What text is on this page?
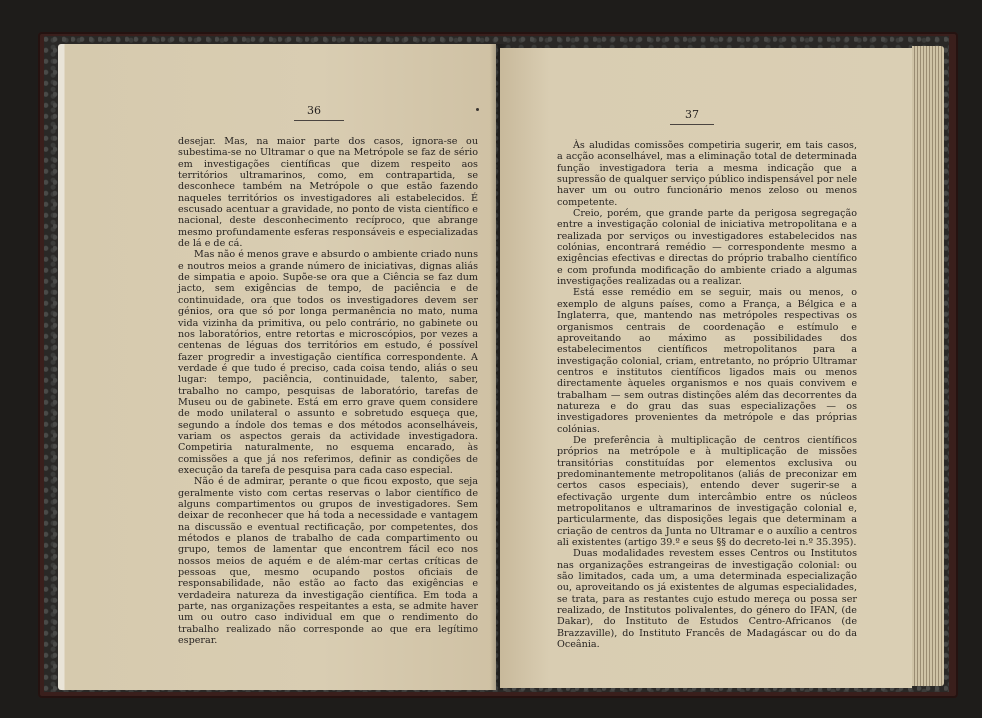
36

desejar. Mas, na maior parte dos casos, ignora-se ou subestima-se no Ultramar o que na Metrópole se faz de sério em investigações científicas que dizem respeito aos territórios ultramarinos, como, em contrapartida, se desconhece também na Metrópole o que estão fazendo naqueles territórios os investigadores ali estabelecidos. É escusado acentuar a gravidade, no ponto de vista científico e nacional, deste desconhecimento recíproco, que abrange mesmo profundamente esferas responsáveis e especializadas de lá e de cá.

Mas não é menos grave e absurdo o ambiente criado nuns e noutros meios a grande número de iniciativas, dignas aliás de simpatia e apoio. Supõe-se ora que a Ciência se faz dum jacto, sem exigências de tempo, de paciência e de continuidade, ora que todos os investigadores devem ser génios, ora que só por longa permanência no mato, numa vida vizinha da primitiva, ou pelo contrário, no gabinete ou nos laboratórios, entre retortas e microscópios, por vezes a centenas de léguas dos territórios em estudo, é possível fazer progredir a investigação científica correspondente. A verdade é que tudo é preciso, cada coisa tendo, aliás o seu lugar: tempo, paciência, continuidade, talento, saber, trabalho no campo, pesquisas de laboratório, tarefas de Museu ou de gabinete. Está em erro grave quem considere de modo unilateral o assunto e sobretudo esqueça que, segundo a índole dos temas e dos métodos aconselháveis, variam os aspectos gerais da actividade investigadora. Competiria naturalmente, no esquema encarado, às comissões a que já nos referimos, definir as condições de execução da tarefa de pesquisa para cada caso especial.

Não é de admirar, perante o que ficou exposto, que seja geralmente visto com certas reservas o labor científico de alguns compartimentos ou grupos de investigadores. Sem deixar de reconhecer que há toda a necessidade e vantagem na discussão e eventual rectificação, por competentes, dos métodos e planos de trabalho de cada compartimento ou grupo, temos de lamentar que encontrem fácil eco nos nossos meios de aquém e de além-mar certas críticas de pessoas que, mesmo ocupando postos oficiais de responsabilidade, não estão ao facto das exigências e verdadeira natureza da investigação científica. Em toda a parte, nas organizações respeitantes a esta, se admite haver um ou outro caso individual em que o rendimento do trabalho realizado não corresponde ao que era legítimo esperar.

37

Às aludidas comissões competiria sugerir, em tais casos, a acção aconselhável, mas a eliminação total de determinada função investigadora teria a mesma indicação que a supressão de qualquer serviço público indispensável por nele haver um ou outro funcionário menos zeloso ou menos competente.

Creio, porém, que grande parte da perigosa segregação entre a investigação colonial de iniciativa metropolitana e a realizada por serviços ou investigadores estabelecidos nas colónias, encontrará remédio — correspondente mesmo a exigências efectivas e directas do próprio trabalho científico e com profunda modificação do ambiente criado a algumas investigações realizadas ou a realizar.

Está esse remédio em se seguir, mais ou menos, o exemplo de alguns países, como a França, a Bélgica e a Inglaterra, que, mantendo nas metrópoles respectivas os organismos centrais de coordenação e estímulo e aproveitando ao máximo as possibilidades dos estabelecimentos científicos metropolitanos para a investigação colonial, criam, entretanto, no próprio Ultramar centros e institutos científicos ligados mais ou menos directamente àqueles organismos e nos quais convivem e trabalham — sem outras distinções além das decorrentes da natureza e do grau das suas especializações — os investigadores provenientes da metrópole e das próprias colónias.

De preferência à multiplicação de centros científicos próprios na metrópole e à multiplicação de missões transitórias constituídas por elementos exclusiva ou predominantemente metropolitanos (aliás de preconizar em certos casos especiais), entendo dever sugerir-se a efectivação urgente dum intercâmbio entre os núcleos metropolitanos e ultramarinos de investigação colonial e, particularmente, das disposições legais que determinam a criação de centros da Junta no Ultramar e o auxílio a centros ali existentes (artigo 39.º e seus §§ do decreto-lei n.º 35.395).

Duas modalidades revestem esses Centros ou Institutos nas organizações estrangeiras de investigação colonial: ou são limitados, cada um, a uma determinada especialização ou, aproveitando os já existentes de algumas especialidades, se trata, para as restantes cujo estudo mereça ou possa ser realizado, de Institutos polivalentes, do género do IFAN, (de Dakar), do Instituto de Estudos Centro-Africanos (de Brazzaville), do Instituto Francês de Madagáscar ou do da Oceânia.
